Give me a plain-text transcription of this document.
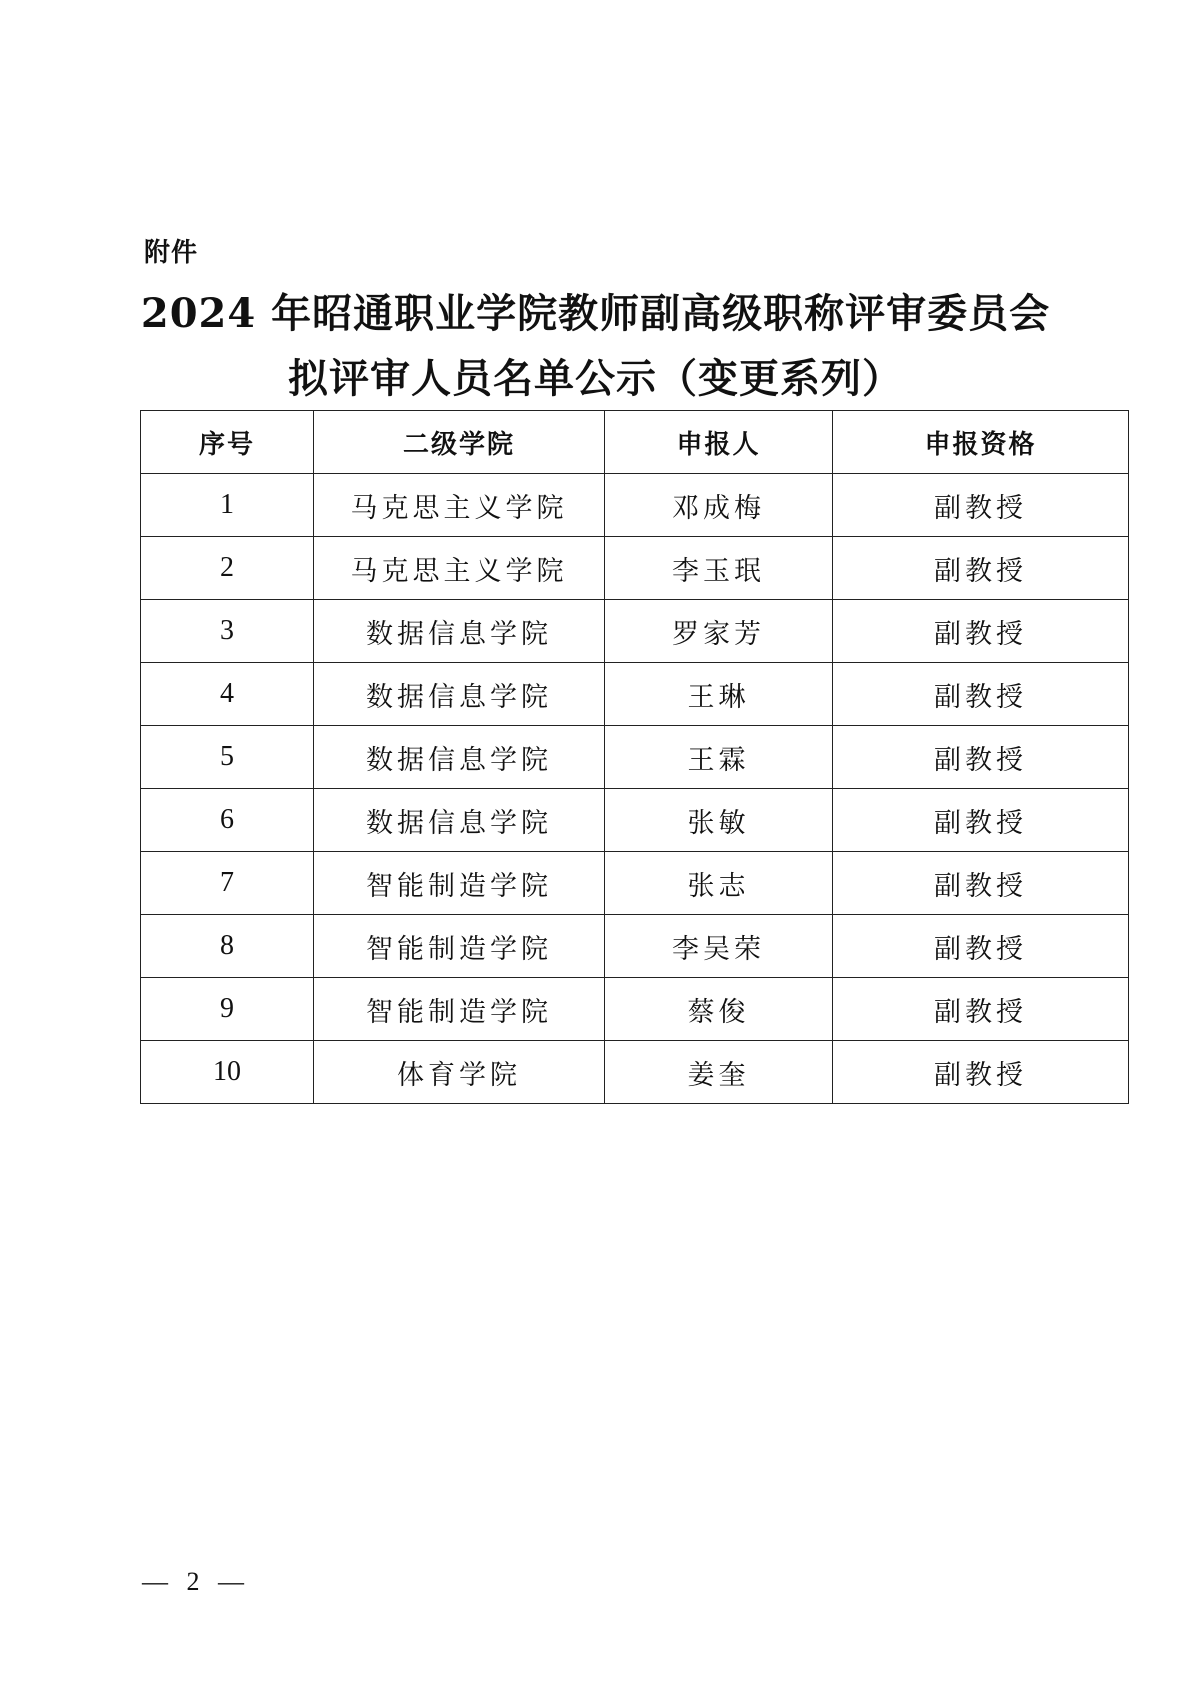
附件
2024 年昭通职业学院教师副高级职称评审委员会
拟评审人员名单公示（变更系列）
序号	二级学院	申报人	申报资格
1	马克思主义学院	邓成梅	副教授
2	马克思主义学院	李玉珉	副教授
3	数据信息学院	罗家芳	副教授
4	数据信息学院	王琳	副教授
5	数据信息学院	王霖	副教授
6	数据信息学院	张敏	副教授
7	智能制造学院	张志	副教授
8	智能制造学院	李吴荣	副教授
9	智能制造学院	蔡俊	副教授
10	体育学院	姜奎	副教授
— 2 —
